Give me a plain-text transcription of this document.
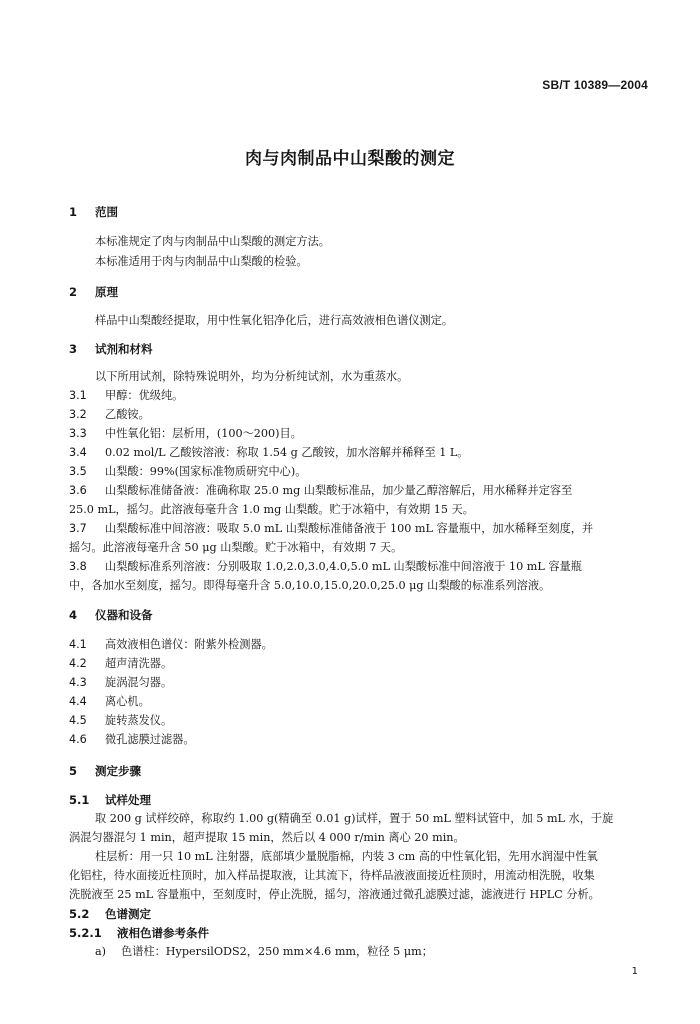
SB/T 10389—2004
肉与肉制品中山梨酸的测定
1 范围
本标准规定了肉与肉制品中山梨酸的测定方法。
本标准适用于肉与肉制品中山梨酸的检验。
2 原理
样品中山梨酸经提取，用中性氧化铝净化后，进行高效液相色谱仪测定。
3 试剂和材料
以下所用试剂，除特殊说明外，均为分析纯试剂，水为重蒸水。
3.1 甲醇：优级纯。
3.2 乙酸铵。
3.3 中性氧化铝：层析用，(100～200)目。
3.4 0.02 mol/L 乙酸铵溶液：称取 1.54 g 乙酸铵，加水溶解并稀释至 1 L。
3.5 山梨酸：99%(国家标准物质研究中心)。
3.6 山梨酸标准储备液：准确称取 25.0 mg 山梨酸标准品，加少量乙醇溶解后，用水稀释并定容至
25.0 mL，摇匀。此溶液每毫升含 1.0 mg 山梨酸。贮于冰箱中，有效期 15 天。
3.7 山梨酸标准中间溶液：吸取 5.0 mL 山梨酸标准储备液于 100 mL 容量瓶中，加水稀释至刻度，并
摇匀。此溶液每毫升含 50 μg 山梨酸。贮于冰箱中，有效期 7 天。
3.8 山梨酸标准系列溶液：分别吸取 1.0,2.0,3.0,4.0,5.0 mL 山梨酸标准中间溶液于 10 mL 容量瓶
中，各加水至刻度，摇匀。即得每毫升含 5.0,10.0,15.0,20.0,25.0 μg 山梨酸的标准系列溶液。
4 仪器和设备
4.1 高效液相色谱仪：附紫外检测器。
4.2 超声清洗器。
4.3 旋涡混匀器。
4.4 离心机。
4.5 旋转蒸发仪。
4.6 微孔滤膜过滤器。
5 测定步骤
5.1 试样处理
取 200 g 试样绞碎，称取约 1.00 g(精确至 0.01 g)试样，置于 50 mL 塑料试管中，加 5 mL 水，于旋
涡混匀器混匀 1 min，超声提取 15 min，然后以 4 000 r/min 离心 20 min。
柱层析：用一只 10 mL 注射器，底部填少量脱脂棉，内装 3 cm 高的中性氧化铝，先用水润湿中性氧
化铝柱，待水面接近柱顶时，加入样品提取液，让其流下，待样品液液面接近柱顶时，用流动相洗脱，收集
洗脱液至 25 mL 容量瓶中，至刻度时，停止洗脱，摇匀，溶液通过微孔滤膜过滤，滤液进行 HPLC 分析。
5.2 色谱测定
5.2.1 液相色谱参考条件
a) 色谱柱：HypersilODS2，250 mm×4.6 mm，粒径 5 μm；
1
